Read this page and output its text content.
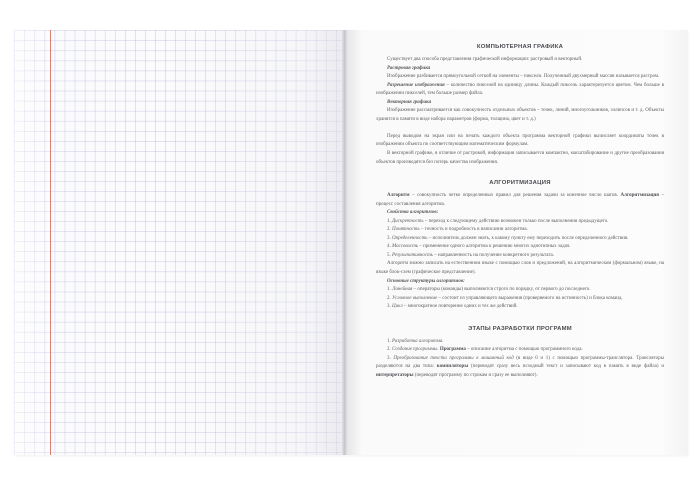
КОМПЬЮТЕРНАЯ ГРАФИКА

Существует два способа представления графической информации: растровый и векторный.

Растровая графика

Изображение разбивается прямоугольной сеткой на элементы – пиксели. Полученный двухмерный массив называется растром.

Разрешение изображения – количество пикселей на единицу длины. Каждый пиксель характеризуется цветом. Чем больше в изображении пикселей, тем больше размер файла.

Векторная графика

Изображение рассматривается как совокупность отдельных объектов – точек, линий, многоугольников, эллипсов и т. д. Объекты хранятся в памяти в виде набора параметров (форма, толщина, цвет и т. д.)

Перед выводом на экран или на печать каждого объекта программа векторной графики вычисляет координаты точек в изображении объекта по соответствующим математическим формулам.

В векторной графике, в отличие от растровой, информация записывается компактно, масштабирование и другие преобразования объектов производятся без потерь качества изображения.

АЛГОРИТМИЗАЦИЯ

Алгоритм – совокупность четко определенных правил для решения задачи за конечное число шагов. Алгоритмизация – процесс составления алгоритма.

Свойства алгоритмов:

1. Дискретность – переход к следующему действию возможен только после выполнения предыдущего.

2. Понятность – точность и подробность в написании алгоритма.

3. Определенность – исполнитель должен знать, к какому пункту ему переходить после определенного действия.

4. Массовость – применение одного алгоритма к решению многих однотипных задач.

5. Результативность – направленность на получение конкретного результата.

Алгоритм можно записать на естественном языке с помощью слов и предложений, на алгоритмическом (формальном) языке, на языке блок-схем (графическое представление).

Основные структуры алгоритмов:

1. Линейная – операторы (команды) выполняются строго по порядку, от первого до последнего.

2. Условное выполнение – состоит из управляющего выражения (проверяемого на истинность) и блока команд.

3. Цикл – многократное повторение одних и тех же действий.

ЭТАПЫ РАЗРАБОТКИ ПРОГРАММ

1. Разработка алгоритма.

2. Создание программы. Программа – описание алгоритма с помощью программного кода.

3. Преобразование текста программы в машинный код (в виде 0 и 1) с помощью программы-транслятора. Трансляторы разделяются на два типа: компиляторы (переводят сразу весь исходный текст и записывают код в память в виде файла) и интерпретаторы (переводят программу по строкам и сразу ее выполняют).
